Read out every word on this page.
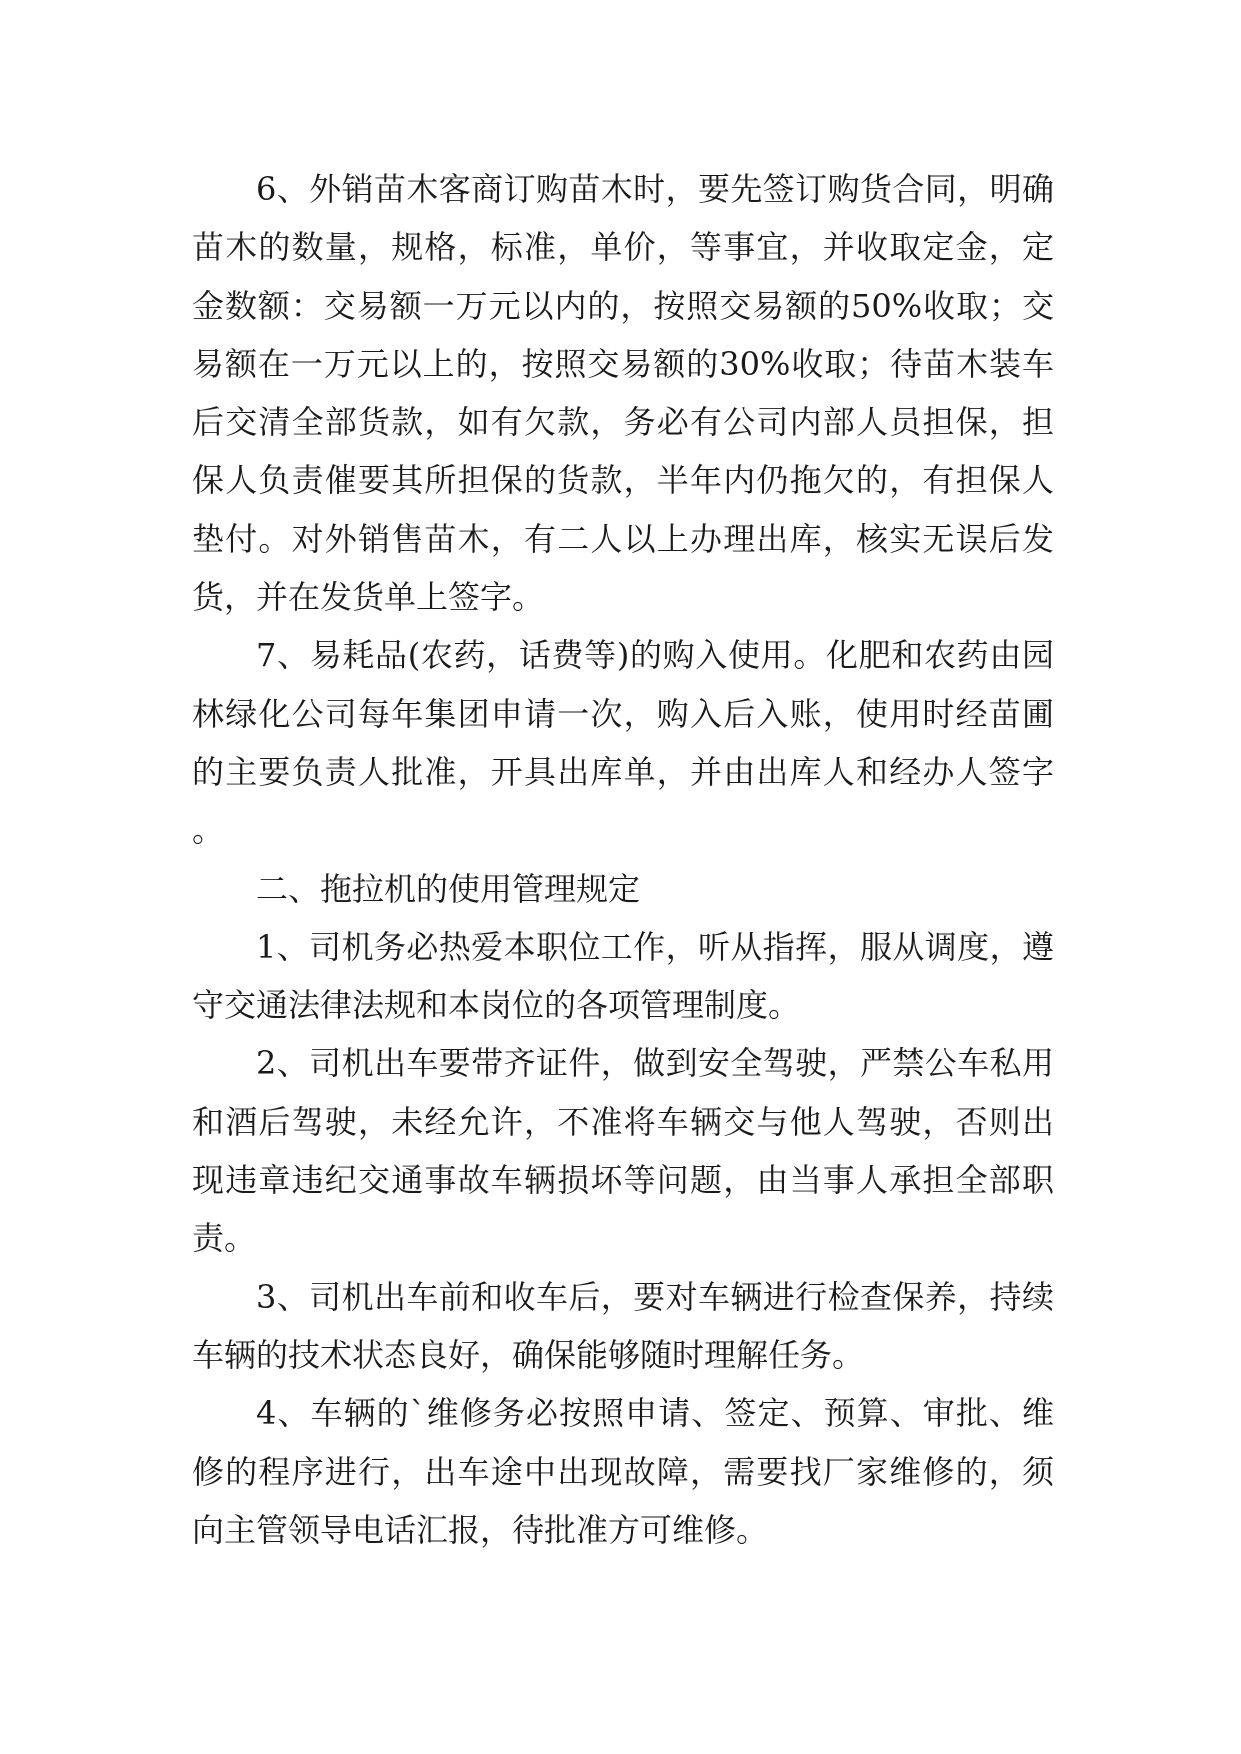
6、外销苗木客商订购苗木时，要先签订购货合同，明确苗木的数量，规格，标准，单价，等事宜，并收取定金，定金数额：交易额一万元以内的，按照交易额的50%收取；交易额在一万元以上的，按照交易额的30%收取；待苗木装车后交清全部货款，如有欠款，务必有公司内部人员担保，担保人负责催要其所担保的货款，半年内仍拖欠的，有担保人垫付。对外销售苗木，有二人以上办理出库，核实无误后发货，并在发货单上签字。

7、易耗品(农药，话费等)的购入使用。化肥和农药由园林绿化公司每年集团申请一次，购入后入账，使用时经苗圃的主要负责人批准，开具出库单，并由出库人和经办人签字。

二、拖拉机的使用管理规定

1、司机务必热爱本职位工作，听从指挥，服从调度，遵守交通法律法规和本岗位的各项管理制度。

2、司机出车要带齐证件，做到安全驾驶，严禁公车私用和酒后驾驶，未经允许，不准将车辆交与他人驾驶，否则出现违章违纪交通事故车辆损坏等问题，由当事人承担全部职责。

3、司机出车前和收车后，要对车辆进行检查保养，持续车辆的技术状态良好，确保能够随时理解任务。

4、车辆的`维修务必按照申请、签定、预算、审批、维修的程序进行，出车途中出现故障，需要找厂家维修的，须向主管领导电话汇报，待批准方可维修。
